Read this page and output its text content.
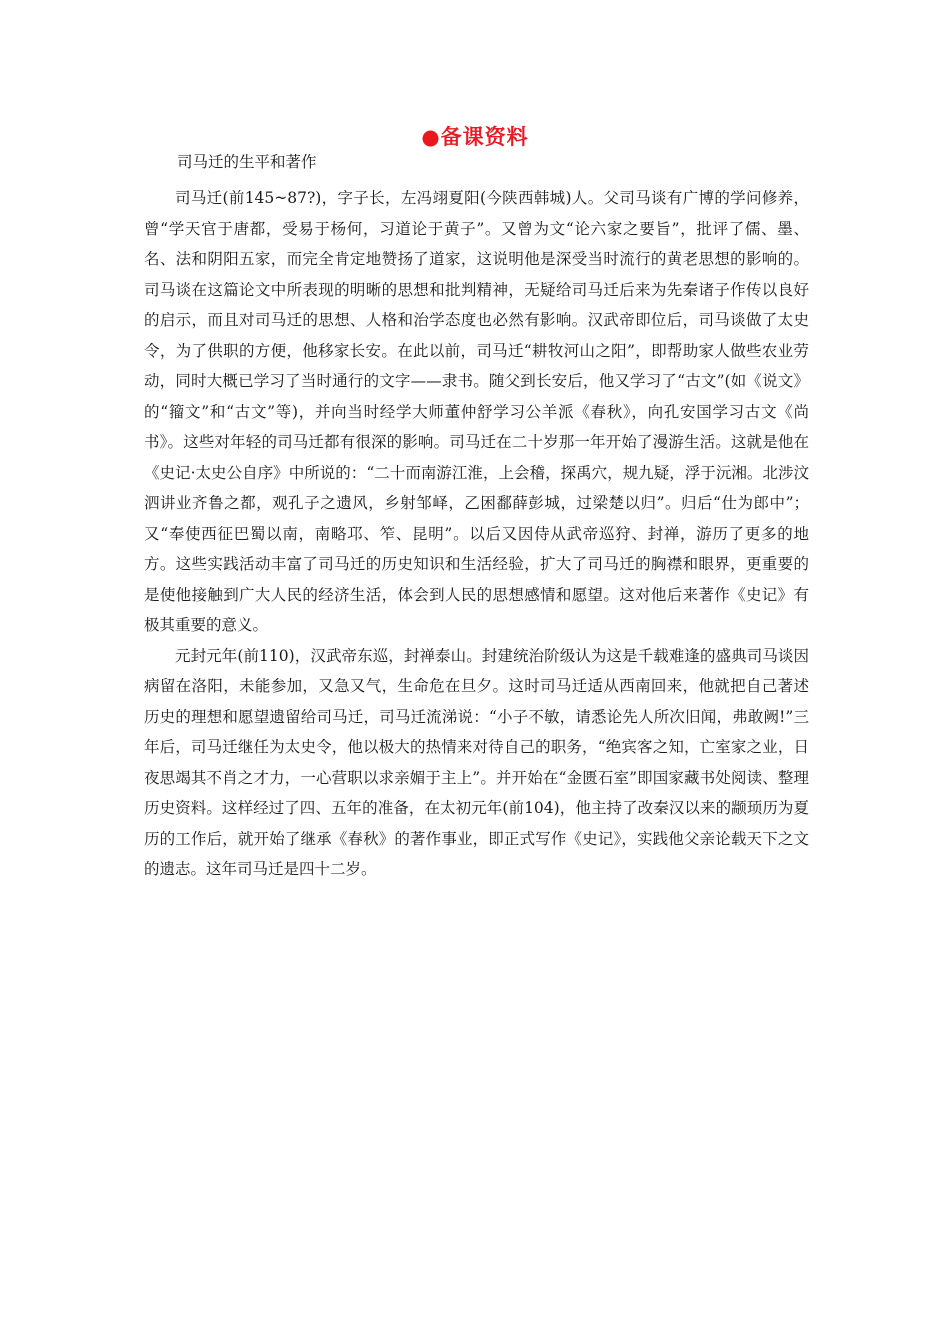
●备课资料
司马迁的生平和著作

司马迁(前145~87?)，字子长，左冯翊夏阳(今陕西韩城)人。父司马谈有广博的学问修养，曾“学天官于唐都，受易于杨何，习道论于黄子”。又曾为文“论六家之要旨”，批评了儒、墨、名、法和阴阳五家，而完全肯定地赞扬了道家，这说明他是深受当时流行的黄老思想的影响的。司马谈在这篇论文中所表现的明晰的思想和批判精神，无疑给司马迁后来为先秦诸子作传以良好的启示，而且对司马迁的思想、人格和治学态度也必然有影响。汉武帝即位后，司马谈做了太史令，为了供职的方便，他移家长安。在此以前，司马迁“耕牧河山之阳”，即帮助家人做些农业劳动，同时大概已学习了当时通行的文字——隶书。随父到长安后，他又学习了“古文”(如《说文》的“籀文”和“古文”等)，并向当时经学大师董仲舒学习公羊派《春秋》，向孔安国学习古文《尚书》。这些对年轻的司马迁都有很深的影响。司马迁在二十岁那一年开始了漫游生活。这就是他在《史记·太史公自序》中所说的：“二十而南游江淮，上会稽，探禹穴，规九疑，浮于沅湘。北涉汶泗讲业齐鲁之都，观孔子之遗风，乡射邹峄，乙困鄱薛彭城，过梁楚以归”。归后“仕为郎中”；又“奉使西征巴蜀以南，南略邛、笮、昆明”。以后又因侍从武帝巡狩、封禅，游历了更多的地方。这些实践活动丰富了司马迁的历史知识和生活经验，扩大了司马迁的胸襟和眼界，更重要的是使他接触到广大人民的经济生活，体会到人民的思想感情和愿望。这对他后来著作《史记》有极其重要的意义。

元封元年(前110)，汉武帝东巡，封禅泰山。封建统治阶级认为这是千载难逢的盛典司马谈因病留在洛阳，未能参加，又急又气，生命危在旦夕。这时司马迁适从西南回来，他就把自己著述历史的理想和愿望遗留给司马迁，司马迁流涕说：“小子不敏，请悉论先人所次旧闻，弗敢阙!”三年后，司马迁继任为太史令，他以极大的热情来对待自己的职务，“绝宾客之知，亡室家之业，日夜思竭其不肖之才力，一心营职以求亲媚于主上”。并开始在“金匮石室”即国家藏书处阅读、整理历史资料。这样经过了四、五年的准备，在太初元年(前104)，他主持了改秦汉以来的颛顼历为夏历的工作后，就开始了继承《春秋》的著作事业，即正式写作《史记》，实践他父亲论载天下之文的遗志。这年司马迁是四十二岁。
